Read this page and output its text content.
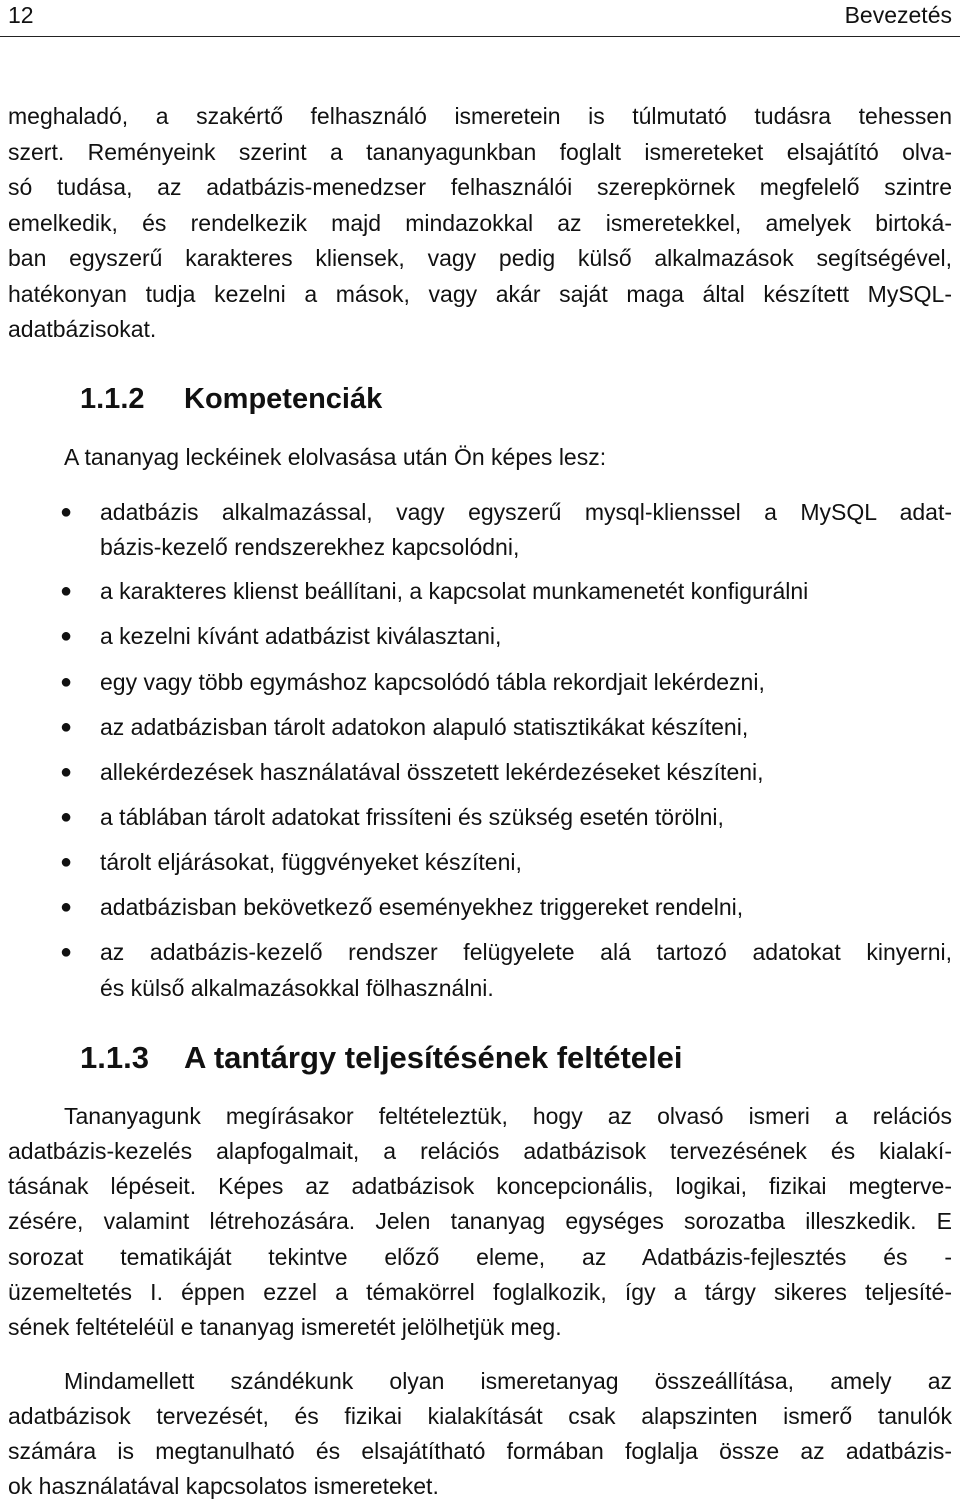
12	Bevezetés
meghaladó, a szakértő felhasználó ismeretein is túlmutató tudásra tehessen
szert. Reményeink szerint a tananyagunkban foglalt ismereteket elsajátító olva-
só tudása, az adatbázis-menedzser felhasználói szerepkörnek megfelelő szintre
emelkedik, és rendelkezik majd mindazokkal az ismeretekkel, amelyek birtoká-
ban egyszerű karakteres kliensek, vagy pedig külső alkalmazások segítségével,
hatékonyan tudja kezelni a mások, vagy akár saját maga által készített MySQL-
adatbázisokat.
1.1.2 Kompetenciák
A tananyag leckéinek elolvasása után Ön képes lesz:
● adatbázis alkalmazással, vagy egyszerű mysql-klienssel a MySQL adat-
bázis-kezelő rendszerekhez kapcsolódni,
● a karakteres klienst beállítani, a kapcsolat munkamenetét konfigurálni
● a kezelni kívánt adatbázist kiválasztani,
● egy vagy több egymáshoz kapcsolódó tábla rekordjait lekérdezni,
● az adatbázisban tárolt adatokon alapuló statisztikákat készíteni,
● allekérdezések használatával összetett lekérdezéseket készíteni,
● a táblában tárolt adatokat frissíteni és szükség esetén törölni,
● tárolt eljárásokat, függvényeket készíteni,
● adatbázisban bekövetkező eseményekhez triggereket rendelni,
● az adatbázis-kezelő rendszer felügyelete alá tartozó adatokat kinyerni,
és külső alkalmazásokkal fölhasználni.
1.1.3 A tantárgy teljesítésének feltételei
Tananyagunk megírásakor feltételeztük, hogy az olvasó ismeri a relációs
adatbázis-kezelés alapfogalmait, a relációs adatbázisok tervezésének és kialakí-
tásának lépéseit. Képes az adatbázisok koncepcionális, logikai, fizikai megterve-
zésére, valamint létrehozására. Jelen tananyag egységes sorozatba illeszkedik. E
sorozat tematikáját tekintve előző eleme, az Adatbázis-fejlesztés és -
üzemeltetés I. éppen ezzel a témakörrel foglalkozik, így a tárgy sikeres teljesíté-
sének feltételéül e tananyag ismeretét jelölhetjük meg.
Mindamellett szándékunk olyan ismeretanyag összeállítása, amely az
adatbázisok tervezését, és fizikai kialakítását csak alapszinten ismerő tanulók
számára is megtanulható és elsajátítható formában foglalja össze az adatbázis-
ok használatával kapcsolatos ismereteket.
